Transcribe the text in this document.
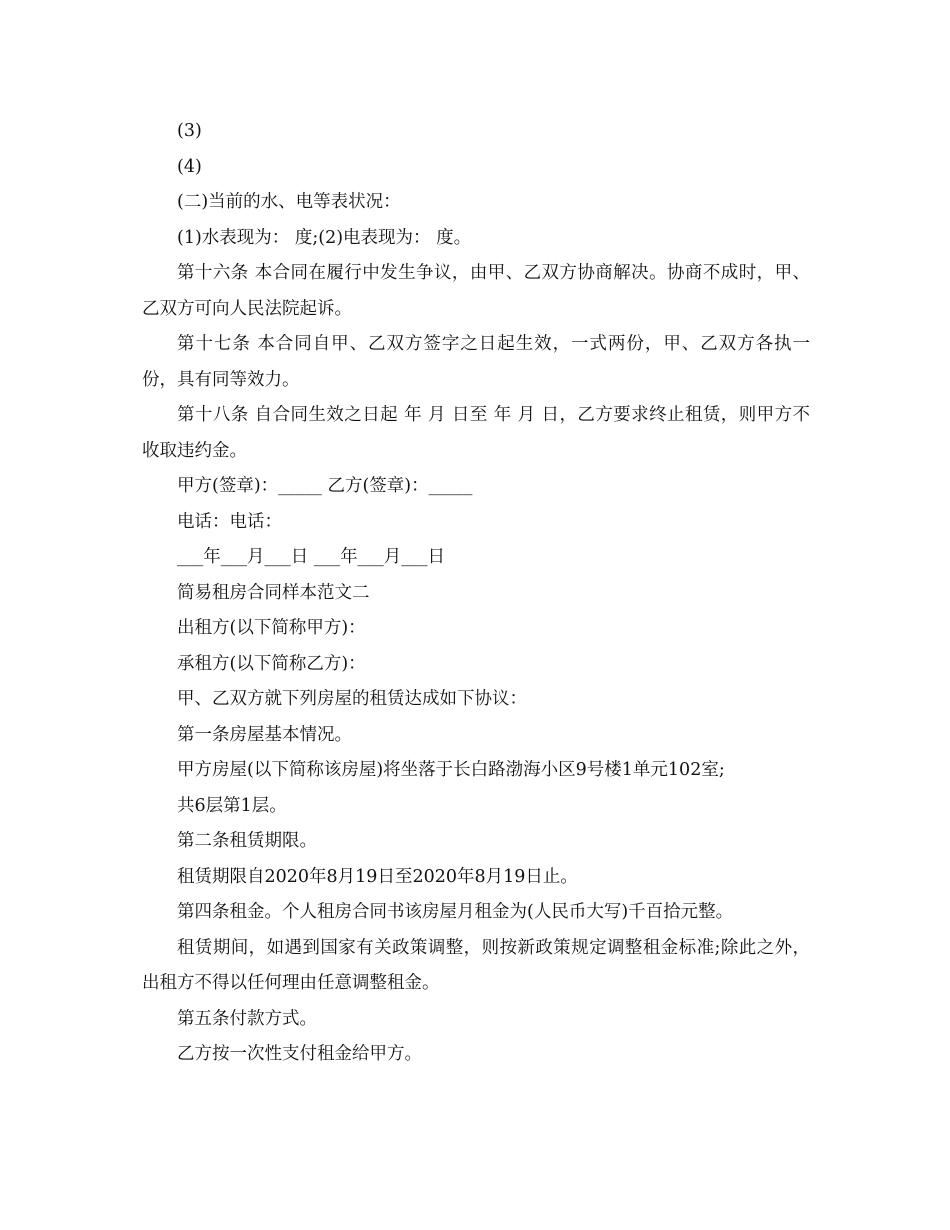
(3)

(4)

(二)当前的水、电等表状况：

(1)水表现为： 度;(2)电表现为： 度。

第十六条 本合同在履行中发生争议，由甲、乙双方协商解决。协商不成时，甲、乙双方可向人民法院起诉。

第十七条 本合同自甲、乙双方签字之日起生效，一式两份，甲、乙双方各执一份，具有同等效力。

第十八条 自合同生效之日起 年 月 日至 年 月 日，乙方要求终止租赁，则甲方不收取违约金。

甲方(签章)：_____ 乙方(签章)：_____

电话：电话：

___年___月___日 ___年___月___日

简易租房合同样本范文二

出租方(以下简称甲方)：

承租方(以下简称乙方)：

甲、乙双方就下列房屋的租赁达成如下协议：

第一条房屋基本情况。

甲方房屋(以下简称该房屋)将坐落于长白路渤海小区9号楼1单元102室;

共6层第1层。

第二条租赁期限。

租赁期限自2020年8月19日至2020年8月19日止。

第四条租金。个人租房合同书该房屋月租金为(人民币大写)千百拾元整。

租赁期间，如遇到国家有关政策调整，则按新政策规定调整租金标准;除此之外，出租方不得以任何理由任意调整租金。

第五条付款方式。

乙方按一次性支付租金给甲方。
